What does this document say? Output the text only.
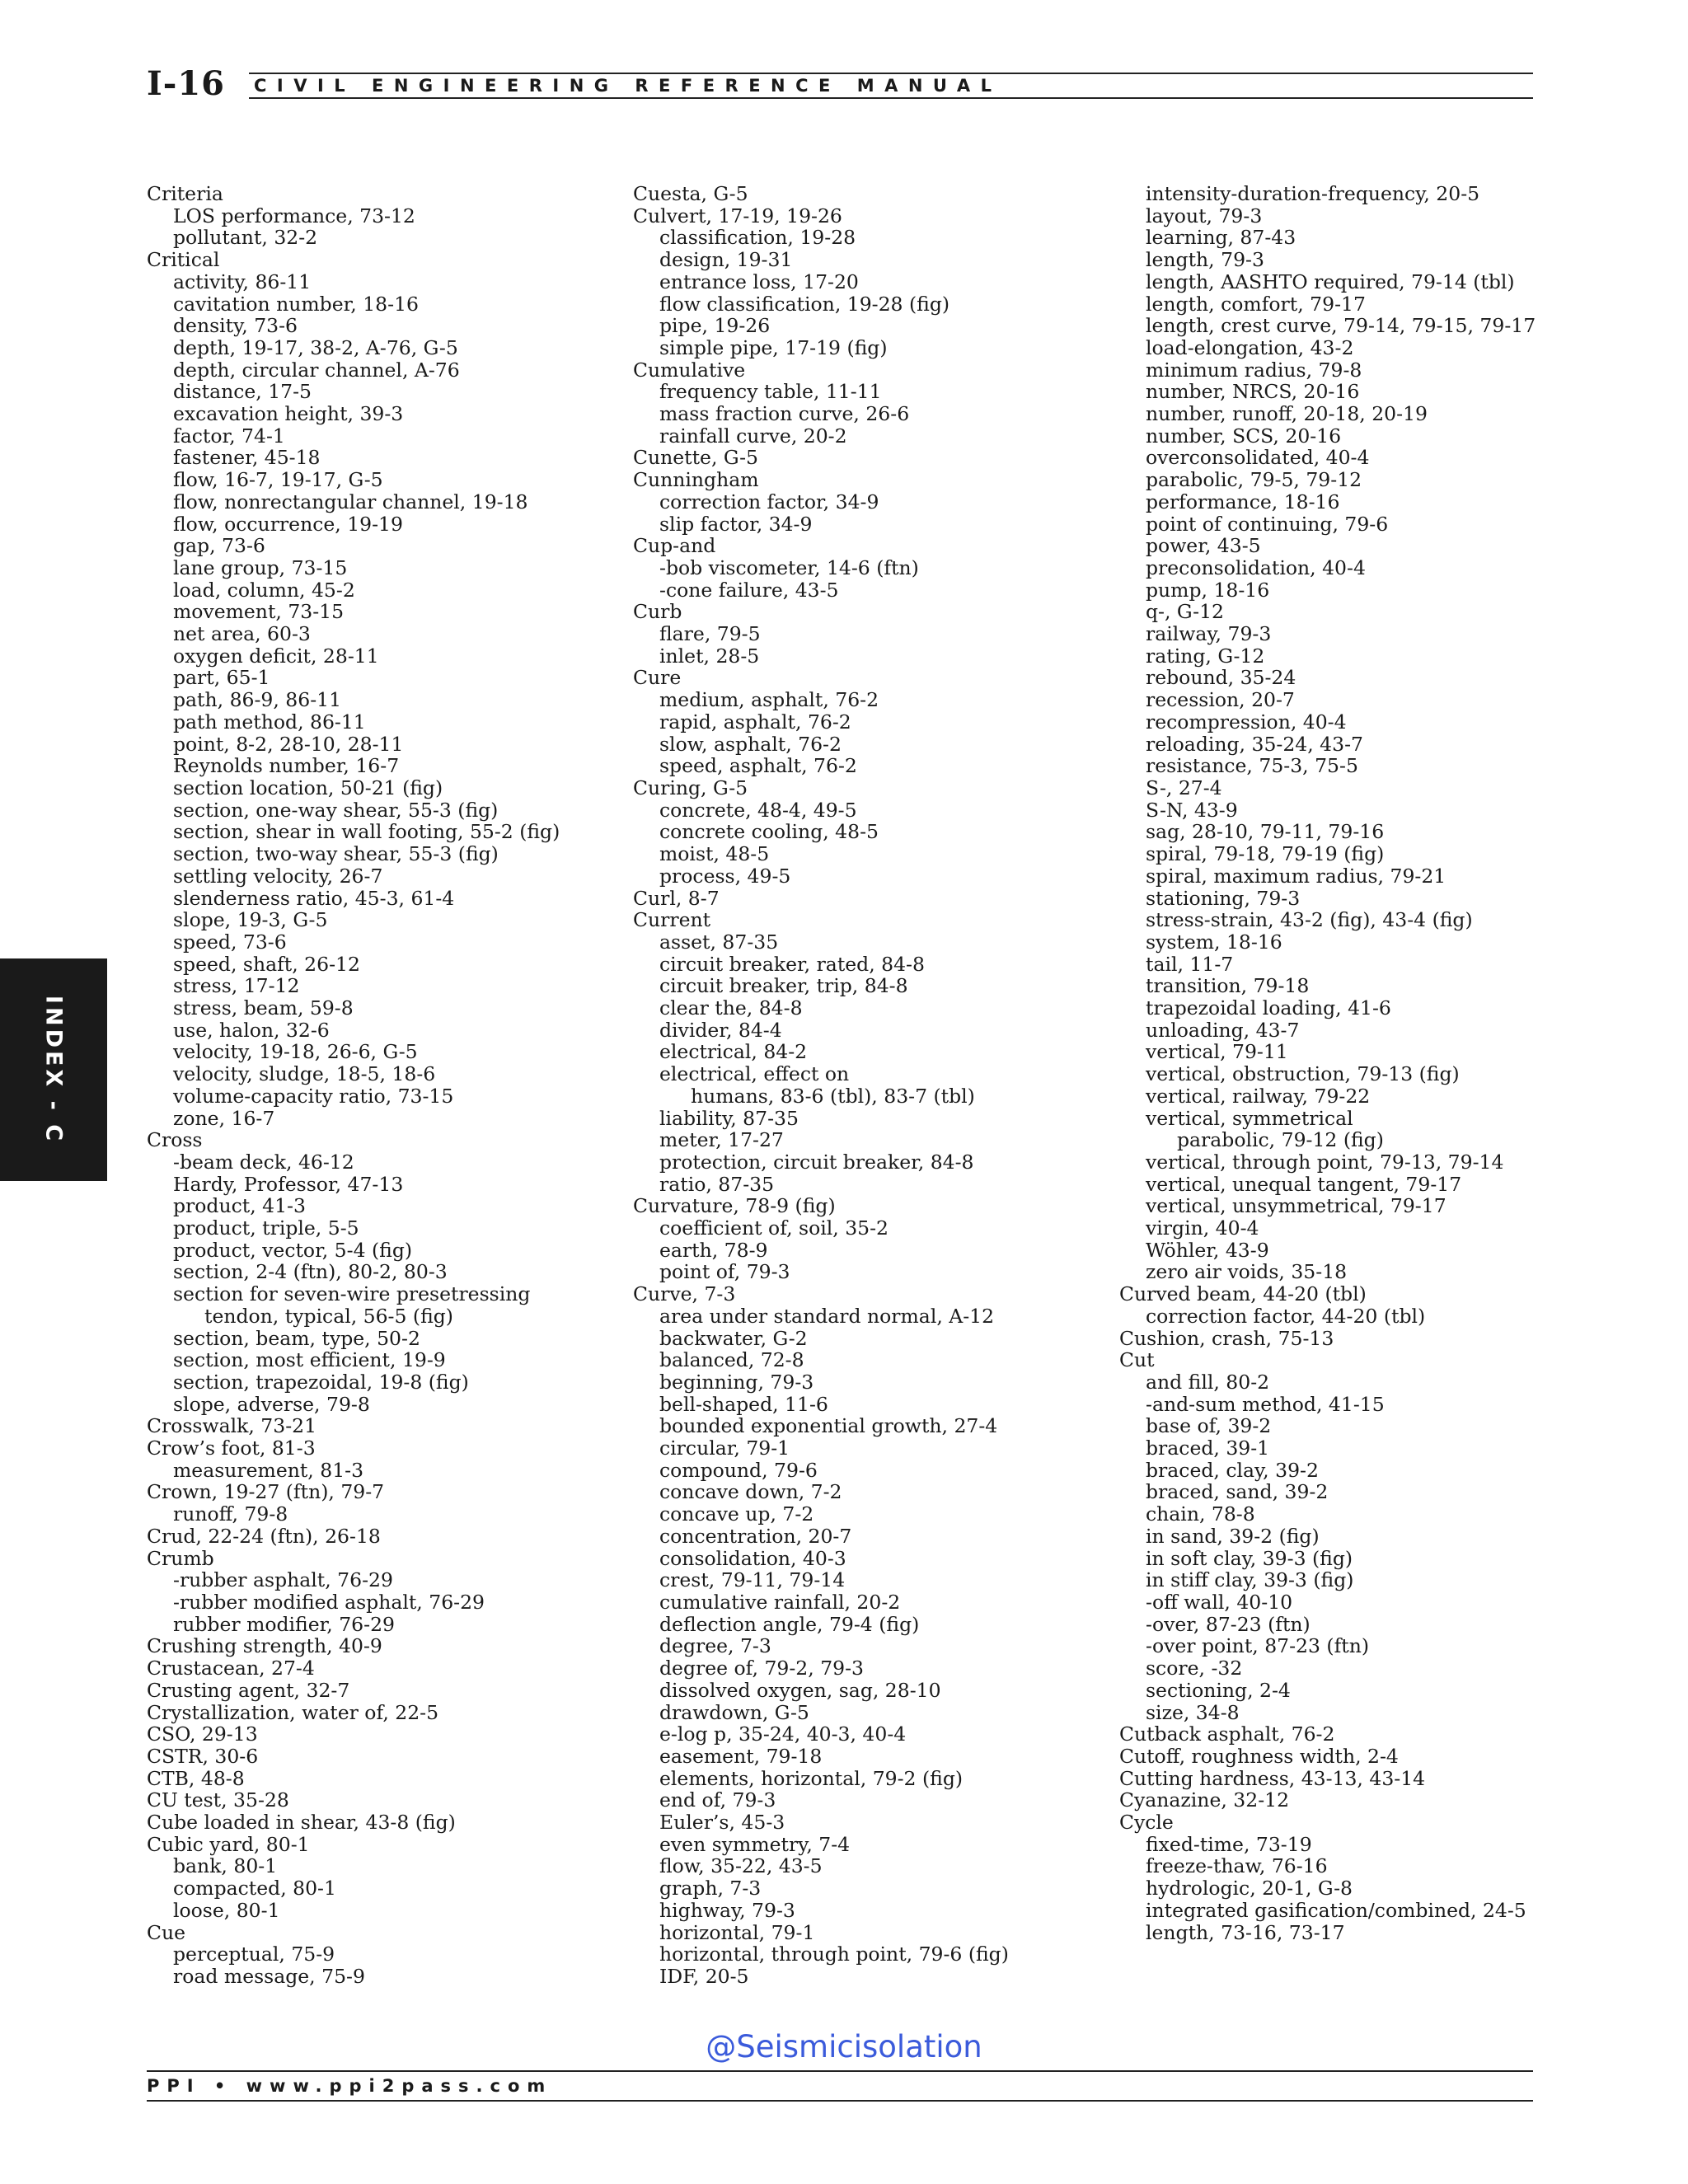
I-16 CIVIL ENGINEERING REFERENCE MANUAL
Criteria
LOS performance, 73-12
pollutant, 32-2
Critical
activity, 86-11
cavitation number, 18-16
density, 73-6
depth, 19-17, 38-2, A-76, G-5
depth, circular channel, A-76
distance, 17-5
excavation height, 39-3
factor, 74-1
fastener, 45-18
flow, 16-7, 19-17, G-5
flow, nonrectangular channel, 19-18
flow, occurrence, 19-19
gap, 73-6
lane group, 73-15
load, column, 45-2
movement, 73-15
net area, 60-3
oxygen deficit, 28-11
part, 65-1
path, 86-9, 86-11
path method, 86-11
point, 8-2, 28-10, 28-11
Reynolds number, 16-7
section location, 50-21 (fig)
section, one-way shear, 55-3 (fig)
section, shear in wall footing, 55-2 (fig)
section, two-way shear, 55-3 (fig)
settling velocity, 26-7
slenderness ratio, 45-3, 61-4
slope, 19-3, G-5
speed, 73-6
speed, shaft, 26-12
stress, 17-12
stress, beam, 59-8
use, halon, 32-6
velocity, 19-18, 26-6, G-5
velocity, sludge, 18-5, 18-6
volume-capacity ratio, 73-15
zone, 16-7
Cross
-beam deck, 46-12
Hardy, Professor, 47-13
product, 41-3
product, triple, 5-5
product, vector, 5-4 (fig)
section, 2-4 (ftn), 80-2, 80-3
section for seven-wire presetressing
tendon, typical, 56-5 (fig)
section, beam, type, 50-2
section, most efficient, 19-9
section, trapezoidal, 19-8 (fig)
slope, adverse, 79-8
Crosswalk, 73-21
Crow’s foot, 81-3
measurement, 81-3
Crown, 19-27 (ftn), 79-7
runoff, 79-8
Crud, 22-24 (ftn), 26-18
Crumb
-rubber asphalt, 76-29
-rubber modified asphalt, 76-29
rubber modifier, 76-29
Crushing strength, 40-9
Crustacean, 27-4
Crusting agent, 32-7
Crystallization, water of, 22-5
CSO, 29-13
CSTR, 30-6
CTB, 48-8
CU test, 35-28
Cube loaded in shear, 43-8 (fig)
Cubic yard, 80-1
bank, 80-1
compacted, 80-1
loose, 80-1
Cue
perceptual, 75-9
road message, 75-9
Cuesta, G-5
Culvert, 17-19, 19-26
classification, 19-28
design, 19-31
entrance loss, 17-20
flow classification, 19-28 (fig)
pipe, 19-26
simple pipe, 17-19 (fig)
Cumulative
frequency table, 11-11
mass fraction curve, 26-6
rainfall curve, 20-2
Cunette, G-5
Cunningham
correction factor, 34-9
slip factor, 34-9
Cup-and
-bob viscometer, 14-6 (ftn)
-cone failure, 43-5
Curb
flare, 79-5
inlet, 28-5
Cure
medium, asphalt, 76-2
rapid, asphalt, 76-2
slow, asphalt, 76-2
speed, asphalt, 76-2
Curing, G-5
concrete, 48-4, 49-5
concrete cooling, 48-5
moist, 48-5
process, 49-5
Curl, 8-7
Current
asset, 87-35
circuit breaker, rated, 84-8
circuit breaker, trip, 84-8
clear the, 84-8
divider, 84-4
electrical, 84-2
electrical, effect on
humans, 83-6 (tbl), 83-7 (tbl)
liability, 87-35
meter, 17-27
protection, circuit breaker, 84-8
ratio, 87-35
Curvature, 78-9 (fig)
coefficient of, soil, 35-2
earth, 78-9
point of, 79-3
Curve, 7-3
area under standard normal, A-12
backwater, G-2
balanced, 72-8
beginning, 79-3
bell-shaped, 11-6
bounded exponential growth, 27-4
circular, 79-1
compound, 79-6
concave down, 7-2
concave up, 7-2
concentration, 20-7
consolidation, 40-3
crest, 79-11, 79-14
cumulative rainfall, 20-2
deflection angle, 79-4 (fig)
degree, 7-3
degree of, 79-2, 79-3
dissolved oxygen, sag, 28-10
drawdown, G-5
e-log p, 35-24, 40-3, 40-4
easement, 79-18
elements, horizontal, 79-2 (fig)
end of, 79-3
Euler’s, 45-3
even symmetry, 7-4
flow, 35-22, 43-5
graph, 7-3
highway, 79-3
horizontal, 79-1
horizontal, through point, 79-6 (fig)
IDF, 20-5
intensity-duration-frequency, 20-5
layout, 79-3
learning, 87-43
length, 79-3
length, AASHTO required, 79-14 (tbl)
length, comfort, 79-17
length, crest curve, 79-14, 79-15, 79-17
load-elongation, 43-2
minimum radius, 79-8
number, NRCS, 20-16
number, runoff, 20-18, 20-19
number, SCS, 20-16
overconsolidated, 40-4
parabolic, 79-5, 79-12
performance, 18-16
point of continuing, 79-6
power, 43-5
preconsolidation, 40-4
pump, 18-16
q-, G-12
railway, 79-3
rating, G-12
rebound, 35-24
recession, 20-7
recompression, 40-4
reloading, 35-24, 43-7
resistance, 75-3, 75-5
S-, 27-4
S-N, 43-9
sag, 28-10, 79-11, 79-16
spiral, 79-18, 79-19 (fig)
spiral, maximum radius, 79-21
stationing, 79-3
stress-strain, 43-2 (fig), 43-4 (fig)
system, 18-16
tail, 11-7
transition, 79-18
trapezoidal loading, 41-6
unloading, 43-7
vertical, 79-11
vertical, obstruction, 79-13 (fig)
vertical, railway, 79-22
vertical, symmetrical
parabolic, 79-12 (fig)
vertical, through point, 79-13, 79-14
vertical, unequal tangent, 79-17
vertical, unsymmetrical, 79-17
virgin, 40-4
Wöhler, 43-9
zero air voids, 35-18
Curved beam, 44-20 (tbl)
correction factor, 44-20 (tbl)
Cushion, crash, 75-13
Cut
and fill, 80-2
-and-sum method, 41-15
base of, 39-2
braced, 39-1
braced, clay, 39-2
braced, sand, 39-2
chain, 78-8
in sand, 39-2 (fig)
in soft clay, 39-3 (fig)
in stiff clay, 39-3 (fig)
-off wall, 40-10
-over, 87-23 (ftn)
-over point, 87-23 (ftn)
score, -32
sectioning, 2-4
size, 34-8
Cutback asphalt, 76-2
Cutoff, roughness width, 2-4
Cutting hardness, 43-13, 43-14
Cyanazine, 32-12
Cycle
fixed-time, 73-19
freeze-thaw, 76-16
hydrologic, 20-1, G-8
integrated gasification/combined, 24-5
length, 73-16, 73-17
INDEX - C
@Seismicisolation
PPI • www.ppi2pass.com
